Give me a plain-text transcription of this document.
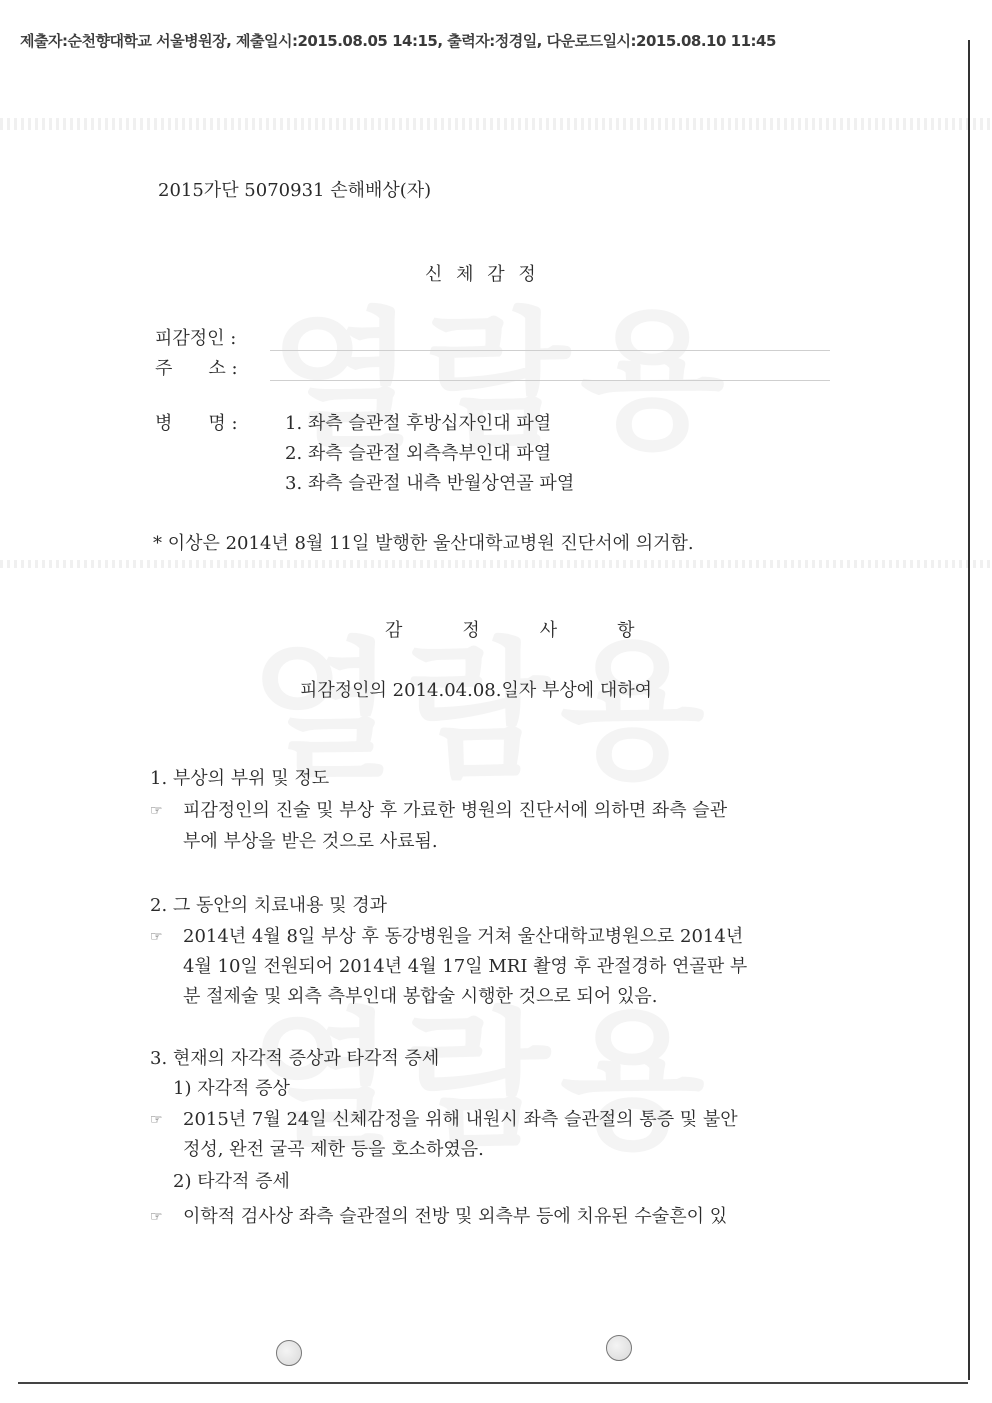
제출자:순천향대학교 서울병원장, 제출일시:2015.08.05 14:15, 출력자:정경일, 다운로드일시:2015.08.10 11:45
2015가단 5070931 손해배상(자)
신 체 감 정
피감정인 :
주　　소 :
병　　명 :	1. 좌측 슬관절 후방십자인대 파열
2. 좌측 슬관절 외측측부인대 파열
3. 좌측 슬관절 내측 반월상연골 파열
* 이상은 2014년 8월 11일 발행한 울산대학교병원 진단서에 의거함.
감정사항
피감정인의 2014.04.08.일자 부상에 대하여
1. 부상의 부위 및 정도
☞ 피감정인의 진술 및 부상 후 가료한 병원의 진단서에 의하면 좌측 슬관
부에 부상을 받은 것으로 사료됨.
2. 그 동안의 치료내용 및 경과
☞ 2014년 4월 8일 부상 후 동강병원을 거쳐 울산대학교병원으로 2014년
4월 10일 전원되어 2014년 4월 17일 MRI 촬영 후 관절경하 연골판 부
분 절제술 및 외측 측부인대 봉합술 시행한 것으로 되어 있음.
3. 현재의 자각적 증상과 타각적 증세
1) 자각적 증상
☞ 2015년 7월 24일 신체감정을 위해 내원시 좌측 슬관절의 통증 및 불안
정성, 완전 굴곡 제한 등을 호소하였음.
2) 타각적 증세
☞ 이학적 검사상 좌측 슬관절의 전방 및 외측부 등에 치유된 수술흔이 있
